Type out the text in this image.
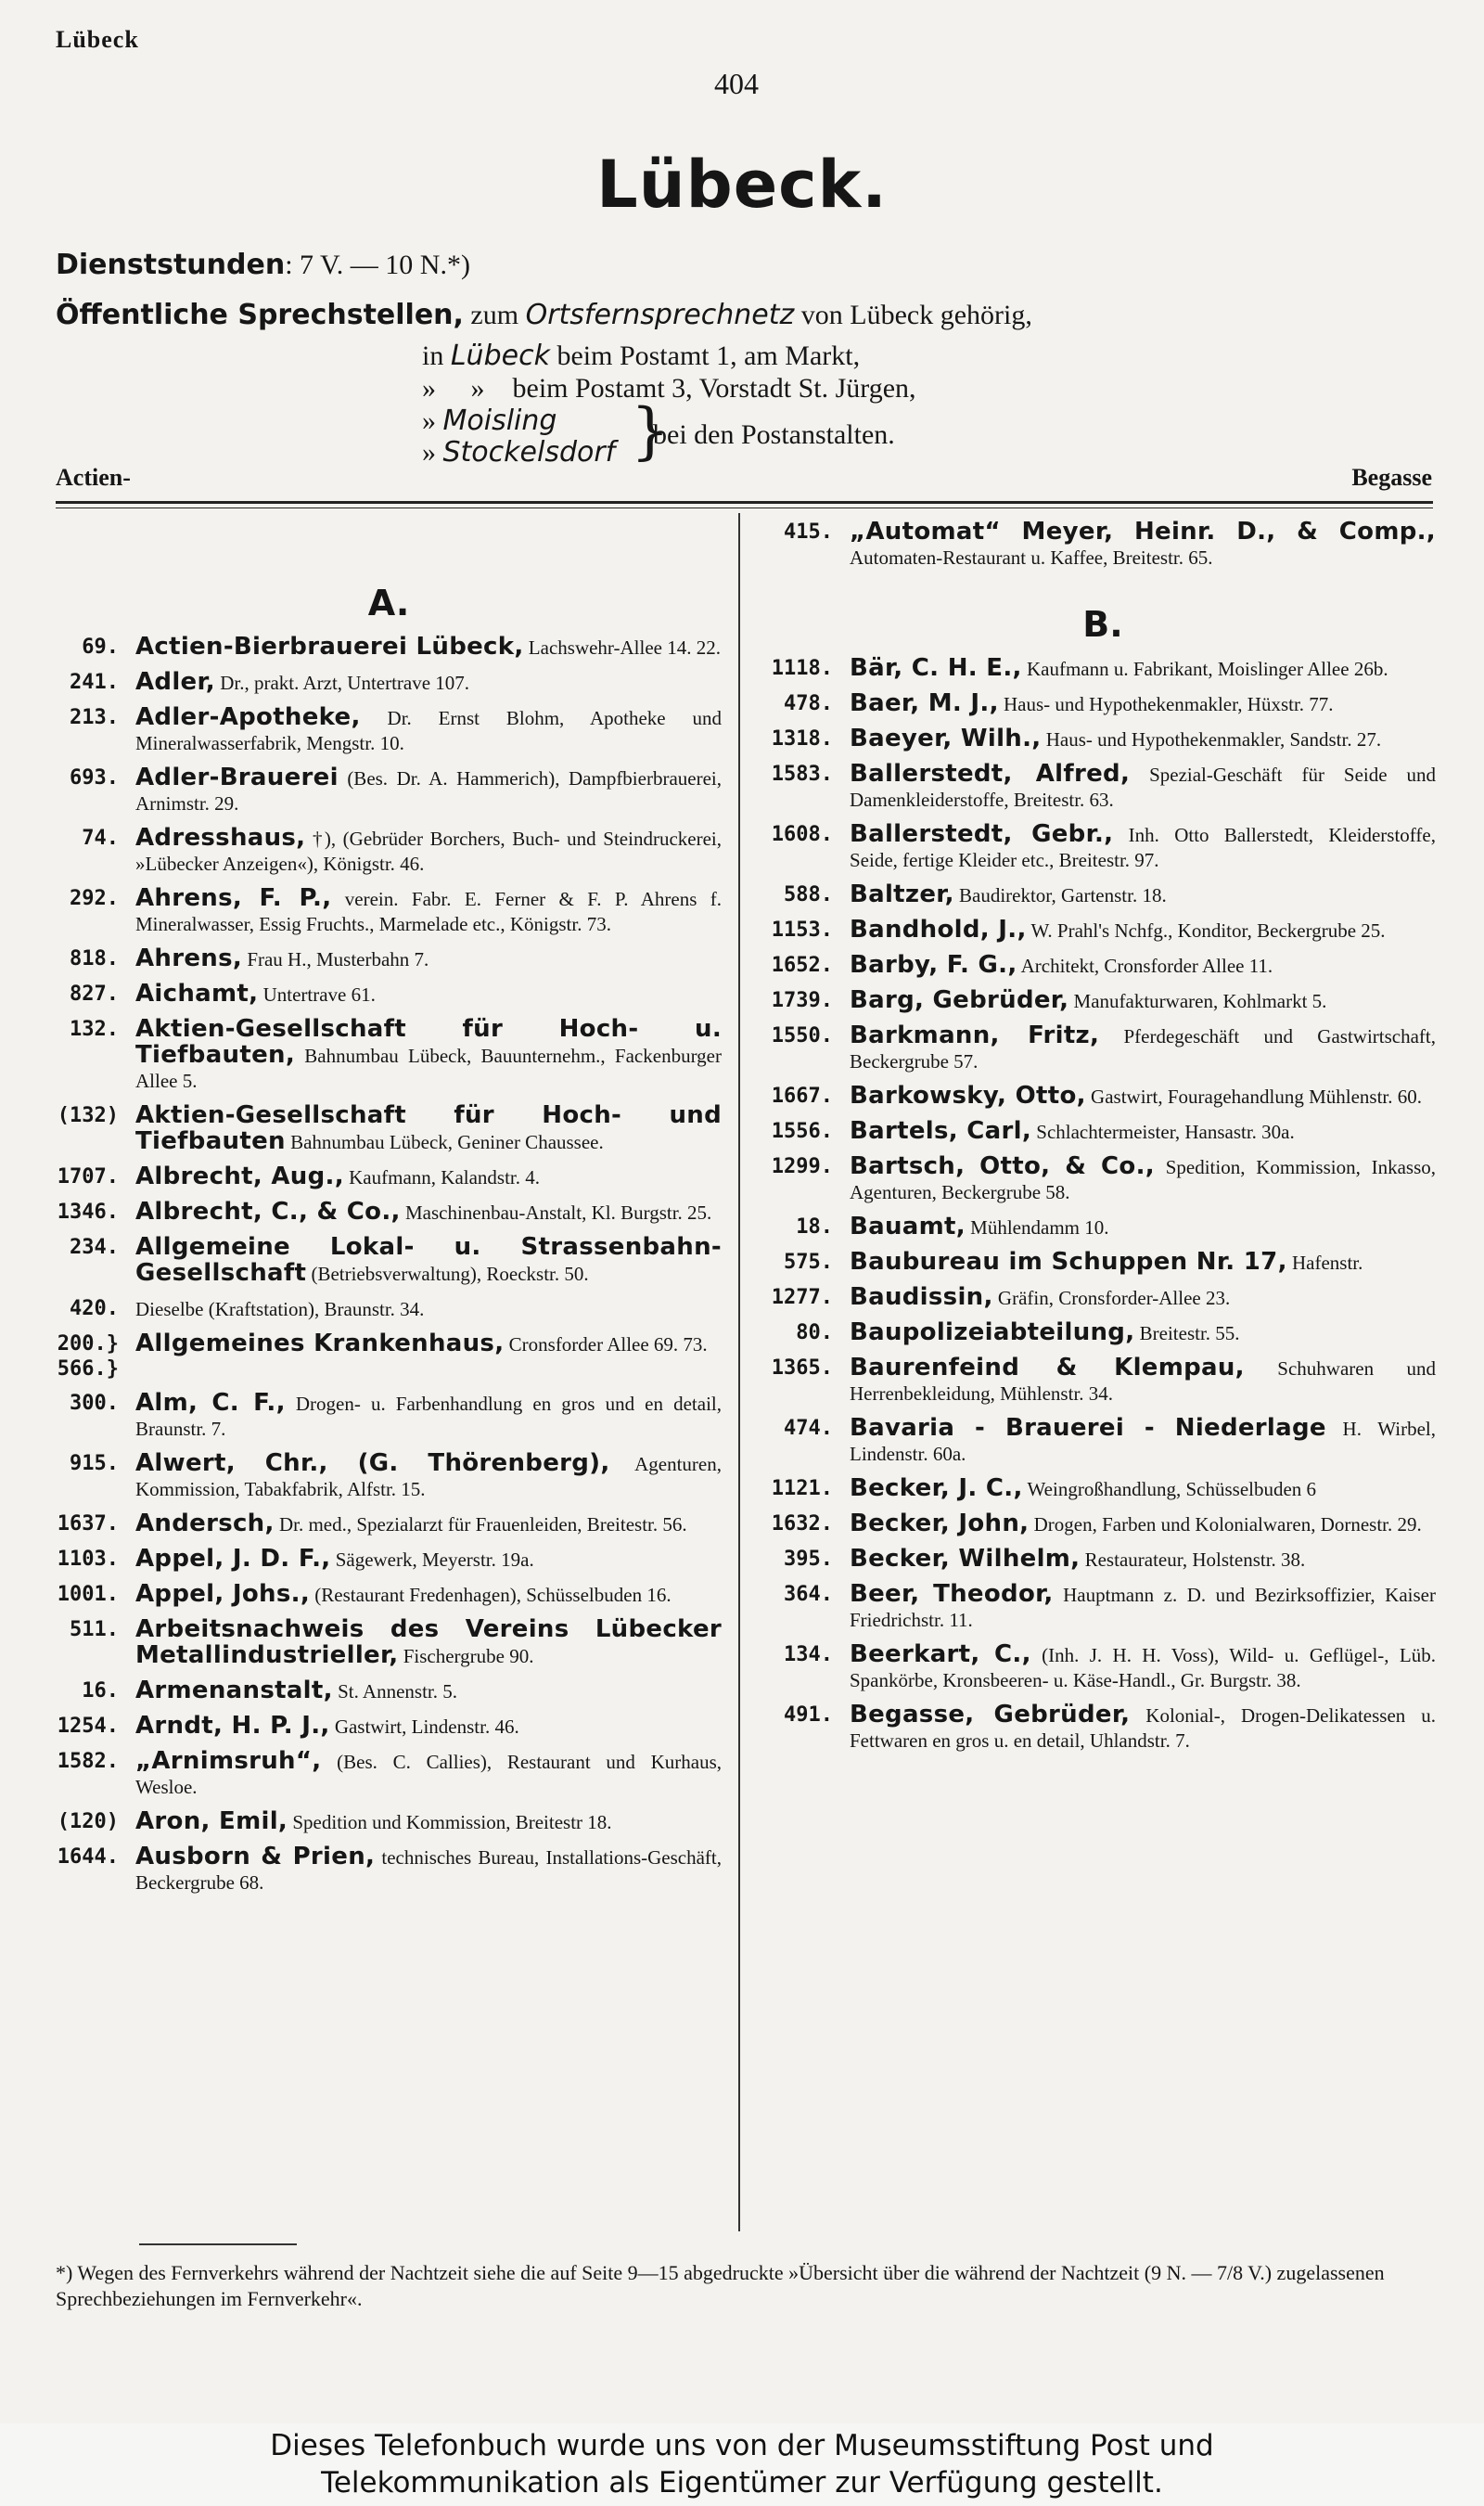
Lübeck
404
Lübeck.
Dienststunden: 7 V. — 10 N.*)
Öffentliche Sprechstellen, zum Ortsfernsprechnetz von Lübeck gehörig,
in Lübeck beim Postamt 1, am Markt,
»     »    beim Postamt 3, Vorstadt St. Jürgen,
» Moisling
» Stockelsdorf }
bei den Postanstalten.
Actien-	Begasse
A.
69. Actien-Bierbrauerei Lübeck, Lachswehr-Allee 14. 22.
241. Adler, Dr., prakt. Arzt, Untertrave 107.
213. Adler-Apotheke, Dr. Ernst Blohm, Apotheke und Mineralwasserfabrik, Mengstr. 10.
693. Adler-Brauerei (Bes. Dr. A. Hammerich), Dampfbierbrauerei, Arnimstr. 29.
74. Adresshaus, †), (Gebrüder Borchers, Buch- und Steindruckerei, »Lübecker Anzeigen«), Königstr. 46.
292. Ahrens, F. P., verein. Fabr. E. Ferner & F. P. Ahrens f. Mineralwasser, Essig Fruchts., Marmelade etc., Königstr. 73.
818. Ahrens, Frau H., Musterbahn 7.
827. Aichamt, Untertrave 61.
132. Aktien-Gesellschaft für Hoch- u. Tiefbauten, Bahnumbau Lübeck, Bauunternehm., Fackenburger Allee 5.
(132) Aktien-Gesellschaft für Hoch- und Tiefbauten Bahnumbau Lübeck, Geniner Chaussee.
1707. Albrecht, Aug., Kaufmann, Kalandstr. 4.
1346. Albrecht, C., & Co., Maschinenbau-Anstalt, Kl. Burgstr. 25.
234. Allgemeine Lokal- u. Strassenbahn-Gesellschaft (Betriebsverwaltung), Roeckstr. 50.
420. Dieselbe (Kraftstation), Braunstr. 34.
200.} 566.}
Allgemeines Krankenhaus, Cronsforder Allee 69. 73.
300. Alm, C. F., Drogen- u. Farbenhandlung en gros und en detail, Braunstr. 7.
915. Alwert, Chr., (G. Thörenberg), Agenturen, Kommission, Tabakfabrik, Alfstr. 15.
1637. Andersch, Dr. med., Spezialarzt für Frauenleiden, Breitestr. 56.
1103. Appel, J. D. F., Sägewerk, Meyerstr. 19a.
1001. Appel, Johs., (Restaurant Fredenhagen), Schüsselbuden 16.
511. Arbeitsnachweis des Vereins Lübecker Metallindustrieller, Fischergrube 90.
16. Armenanstalt, St. Annenstr. 5.
1254. Arndt, H. P. J., Gastwirt, Lindenstr. 46.
1582. „Arnimsruh“, (Bes. C. Callies), Restaurant und Kurhaus, Wesloe.
(120) Aron, Emil, Spedition und Kommission, Breitestr 18.
1644. Ausborn & Prien, technisches Bureau, Installations-Geschäft, Beckergrube 68.
415. „Automat“ Meyer, Heinr. D., & Comp., Automaten-Restaurant u. Kaffee, Breitestr. 65.
B.
1118. Bär, C. H. E., Kaufmann u. Fabrikant, Moislinger Allee 26b.
478. Baer, M. J., Haus- und Hypothekenmakler, Hüxstr. 77.
1318. Baeyer, Wilh., Haus- und Hypothekenmakler, Sandstr. 27.
1583. Ballerstedt, Alfred, Spezial-Geschäft für Seide und Damenkleiderstoffe, Breitestr. 63.
1608. Ballerstedt, Gebr., Inh. Otto Ballerstedt, Kleiderstoffe, Seide, fertige Kleider etc., Breitestr. 97.
588. Baltzer, Baudirektor, Gartenstr. 18.
1153. Bandhold, J., W. Prahl's Nchfg., Konditor, Beckergrube 25.
1652. Barby, F. G., Architekt, Cronsforder Allee 11.
1739. Barg, Gebrüder, Manufakturwaren, Kohlmarkt 5.
1550. Barkmann, Fritz, Pferdegeschäft und Gastwirtschaft, Beckergrube 57.
1667. Barkowsky, Otto, Gastwirt, Fouragehandlung Mühlenstr. 60.
1556. Bartels, Carl, Schlachtermeister, Hansastr. 30a.
1299. Bartsch, Otto, & Co., Spedition, Kommission, Inkasso, Agenturen, Beckergrube 58.
18. Bauamt, Mühlendamm 10.
575. Baubureau im Schuppen Nr. 17, Hafenstr.
1277. Baudissin, Gräfin, Cronsforder-Allee 23.
80. Baupolizeiabteilung, Breitestr. 55.
1365. Baurenfeind & Klempau, Schuhwaren und Herrenbekleidung, Mühlenstr. 34.
474. Bavaria - Brauerei - Niederlage H. Wirbel, Lindenstr. 60a.
1121. Becker, J. C., Weingroßhandlung, Schüsselbuden 6
1632. Becker, John, Drogen, Farben und Kolonialwaren, Dornestr. 29.
395. Becker, Wilhelm, Restaurateur, Holstenstr. 38.
364. Beer, Theodor, Hauptmann z. D. und Bezirksoffizier, Kaiser Friedrichstr. 11.
134. Beerkart, C., (Inh. J. H. H. Voss), Wild- u. Geflügel-, Lüb. Spankörbe, Kronsbeeren- u. Käse-Handl., Gr. Burgstr. 38.
491. Begasse, Gebrüder, Kolonial-, Drogen-Delikatessen u. Fettwaren en gros u. en detail, Uhlandstr. 7.
*) Wegen des Fernverkehrs während der Nachtzeit siehe die auf Seite 9—15 abgedruckte »Übersicht über die während der Nachtzeit (9 N. — 7/8 V.) zugelassenen Sprechbeziehungen im Fernverkehr«.
Dieses Telefonbuch wurde uns von der Museumsstiftung Post und
Telekommunikation als Eigentümer zur Verfügung gestellt.
